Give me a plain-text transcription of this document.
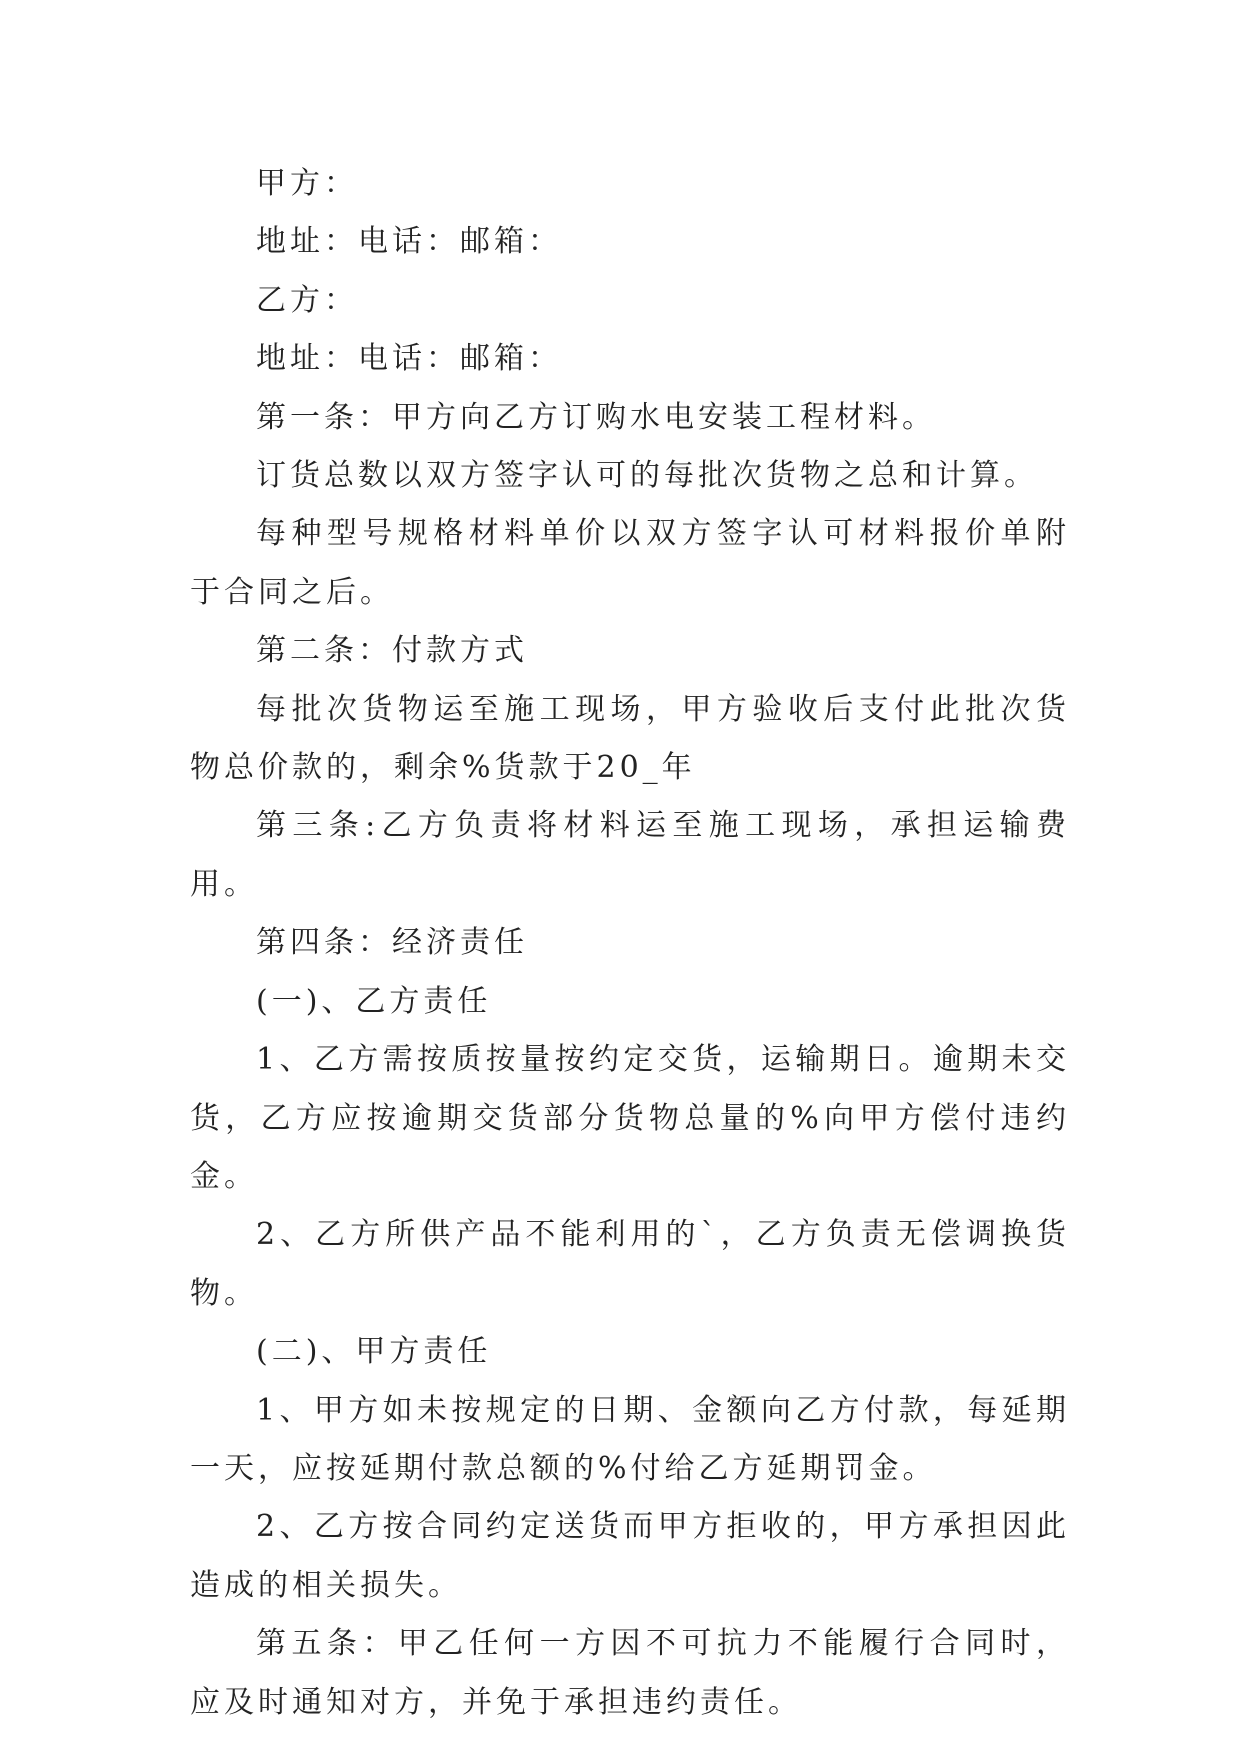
甲方：

地址：电话：邮箱：

乙方：

地址：电话：邮箱：

第一条：甲方向乙方订购水电安装工程材料。

订货总数以双方签字认可的每批次货物之总和计算。

每种型号规格材料单价以双方签字认可材料报价单附于合同之后。

第二条：付款方式

每批次货物运至施工现场，甲方验收后支付此批次货物总价款的，剩余%货款于20_年

第三条:乙方负责将材料运至施工现场，承担运输费用。

第四条：经济责任

(一)、乙方责任

1、乙方需按质按量按约定交货，运输期日。逾期未交货，乙方应按逾期交货部分货物总量的%向甲方偿付违约金。

2、乙方所供产品不能利用的`，乙方负责无偿调换货物。

(二)、甲方责任

1、甲方如未按规定的日期、金额向乙方付款，每延期一天，应按延期付款总额的%付给乙方延期罚金。

2、乙方按合同约定送货而甲方拒收的，甲方承担因此造成的相关损失。

第五条：甲乙任何一方因不可抗力不能履行合同时，应及时通知对方，并免于承担违约责任。
